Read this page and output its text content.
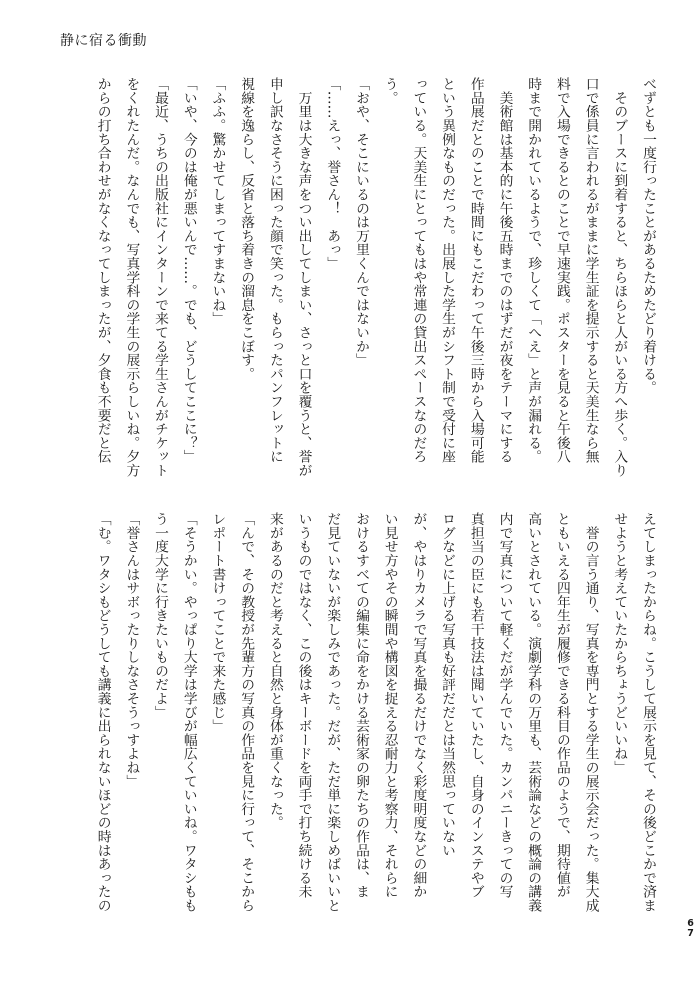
静に宿る衝動
べずとも一度行ったことがあるためたどり着ける。
　そのブースに到着すると、ちらほらと人がいる方へ歩く。入り
口で係員に言われるがままに学生証を提示すると天美生なら無
料で入場できるとのことで早速実践。ポスターを見ると午後八
時まで開かれているようで、珍しくて「へえ」と声が漏れる。
　美術館は基本的に午後五時までのはずだが夜をテーマにする
作品展だとのことで時間にもこだわって午後三時から入場可能
という異例なものだった。出展した学生がシフト制で受付に座
っている。天美生にとってもはや常連の貸出スペースなのだろ
う。
「おや、そこにいるのは万里くんではないか」
「……えっ、誉さん！　あっ」
　万里は大きな声をつい出してしまい、さっと口を覆うと、誉が
申し訳なさそうに困った顔で笑った。もらったパンフレットに
視線を逸らし、反省と落ち着きの溜息をこぼす。
「ふふ。驚かせてしまってすまないね」
「いや、今のは俺が悪いんで……。でも、どうしてここに？」
「最近、うちの出版社にインターンで来てる学生さんがチケット
をくれたんだ。なんでも、写真学科の学生の展示らしいね。夕方
からの打ち合わせがなくなってしまったが、夕食も不要だと伝
えてしまったからね。こうして展示を見て、その後どこかで済ま
せようと考えていたからちょうどいいね」
　誉の言う通り、写真を専門とする学生の展示会だった。集大成
ともいえる四年生が履修できる科目の作品のようで、期待値が
高いとされている。演劇学科の万里も、芸術論などの概論の講義
内で写真について軽くだが学んでいた。カンパニーきっての写
真担当の臣にも若干技法は聞いていたし、自身のインステやブ
ログなどに上げる写真も好評だだとは当然思っていない
が、やはりカメラで写真を撮るだけでなく彩度明度などの細か
い見せ方やその瞬間や構図を捉える忍耐力と考察力、それらに
おけるすべての編集に命をかける芸術家の卵たちの作品は、ま
だ見ていないが楽しみであった。だが、ただ単に楽しめばいいと
いうものではなく、この後はキーボードを両手で打ち続ける未
来があるのだと考えると自然と身体が重くなった。
「んで、その教授が先輩方の写真の作品を見に行って、そこから
レポート書けってことで来た感じ」
「そうかい。やっぱり大学は学びが幅広くていいね。ワタシもも
う一度大学に行きたいものだよ」
「誉さんはサボったりしなさそうっすよね」
「む。ワタシもどうしても講義に出られないほどの時はあったの
67
